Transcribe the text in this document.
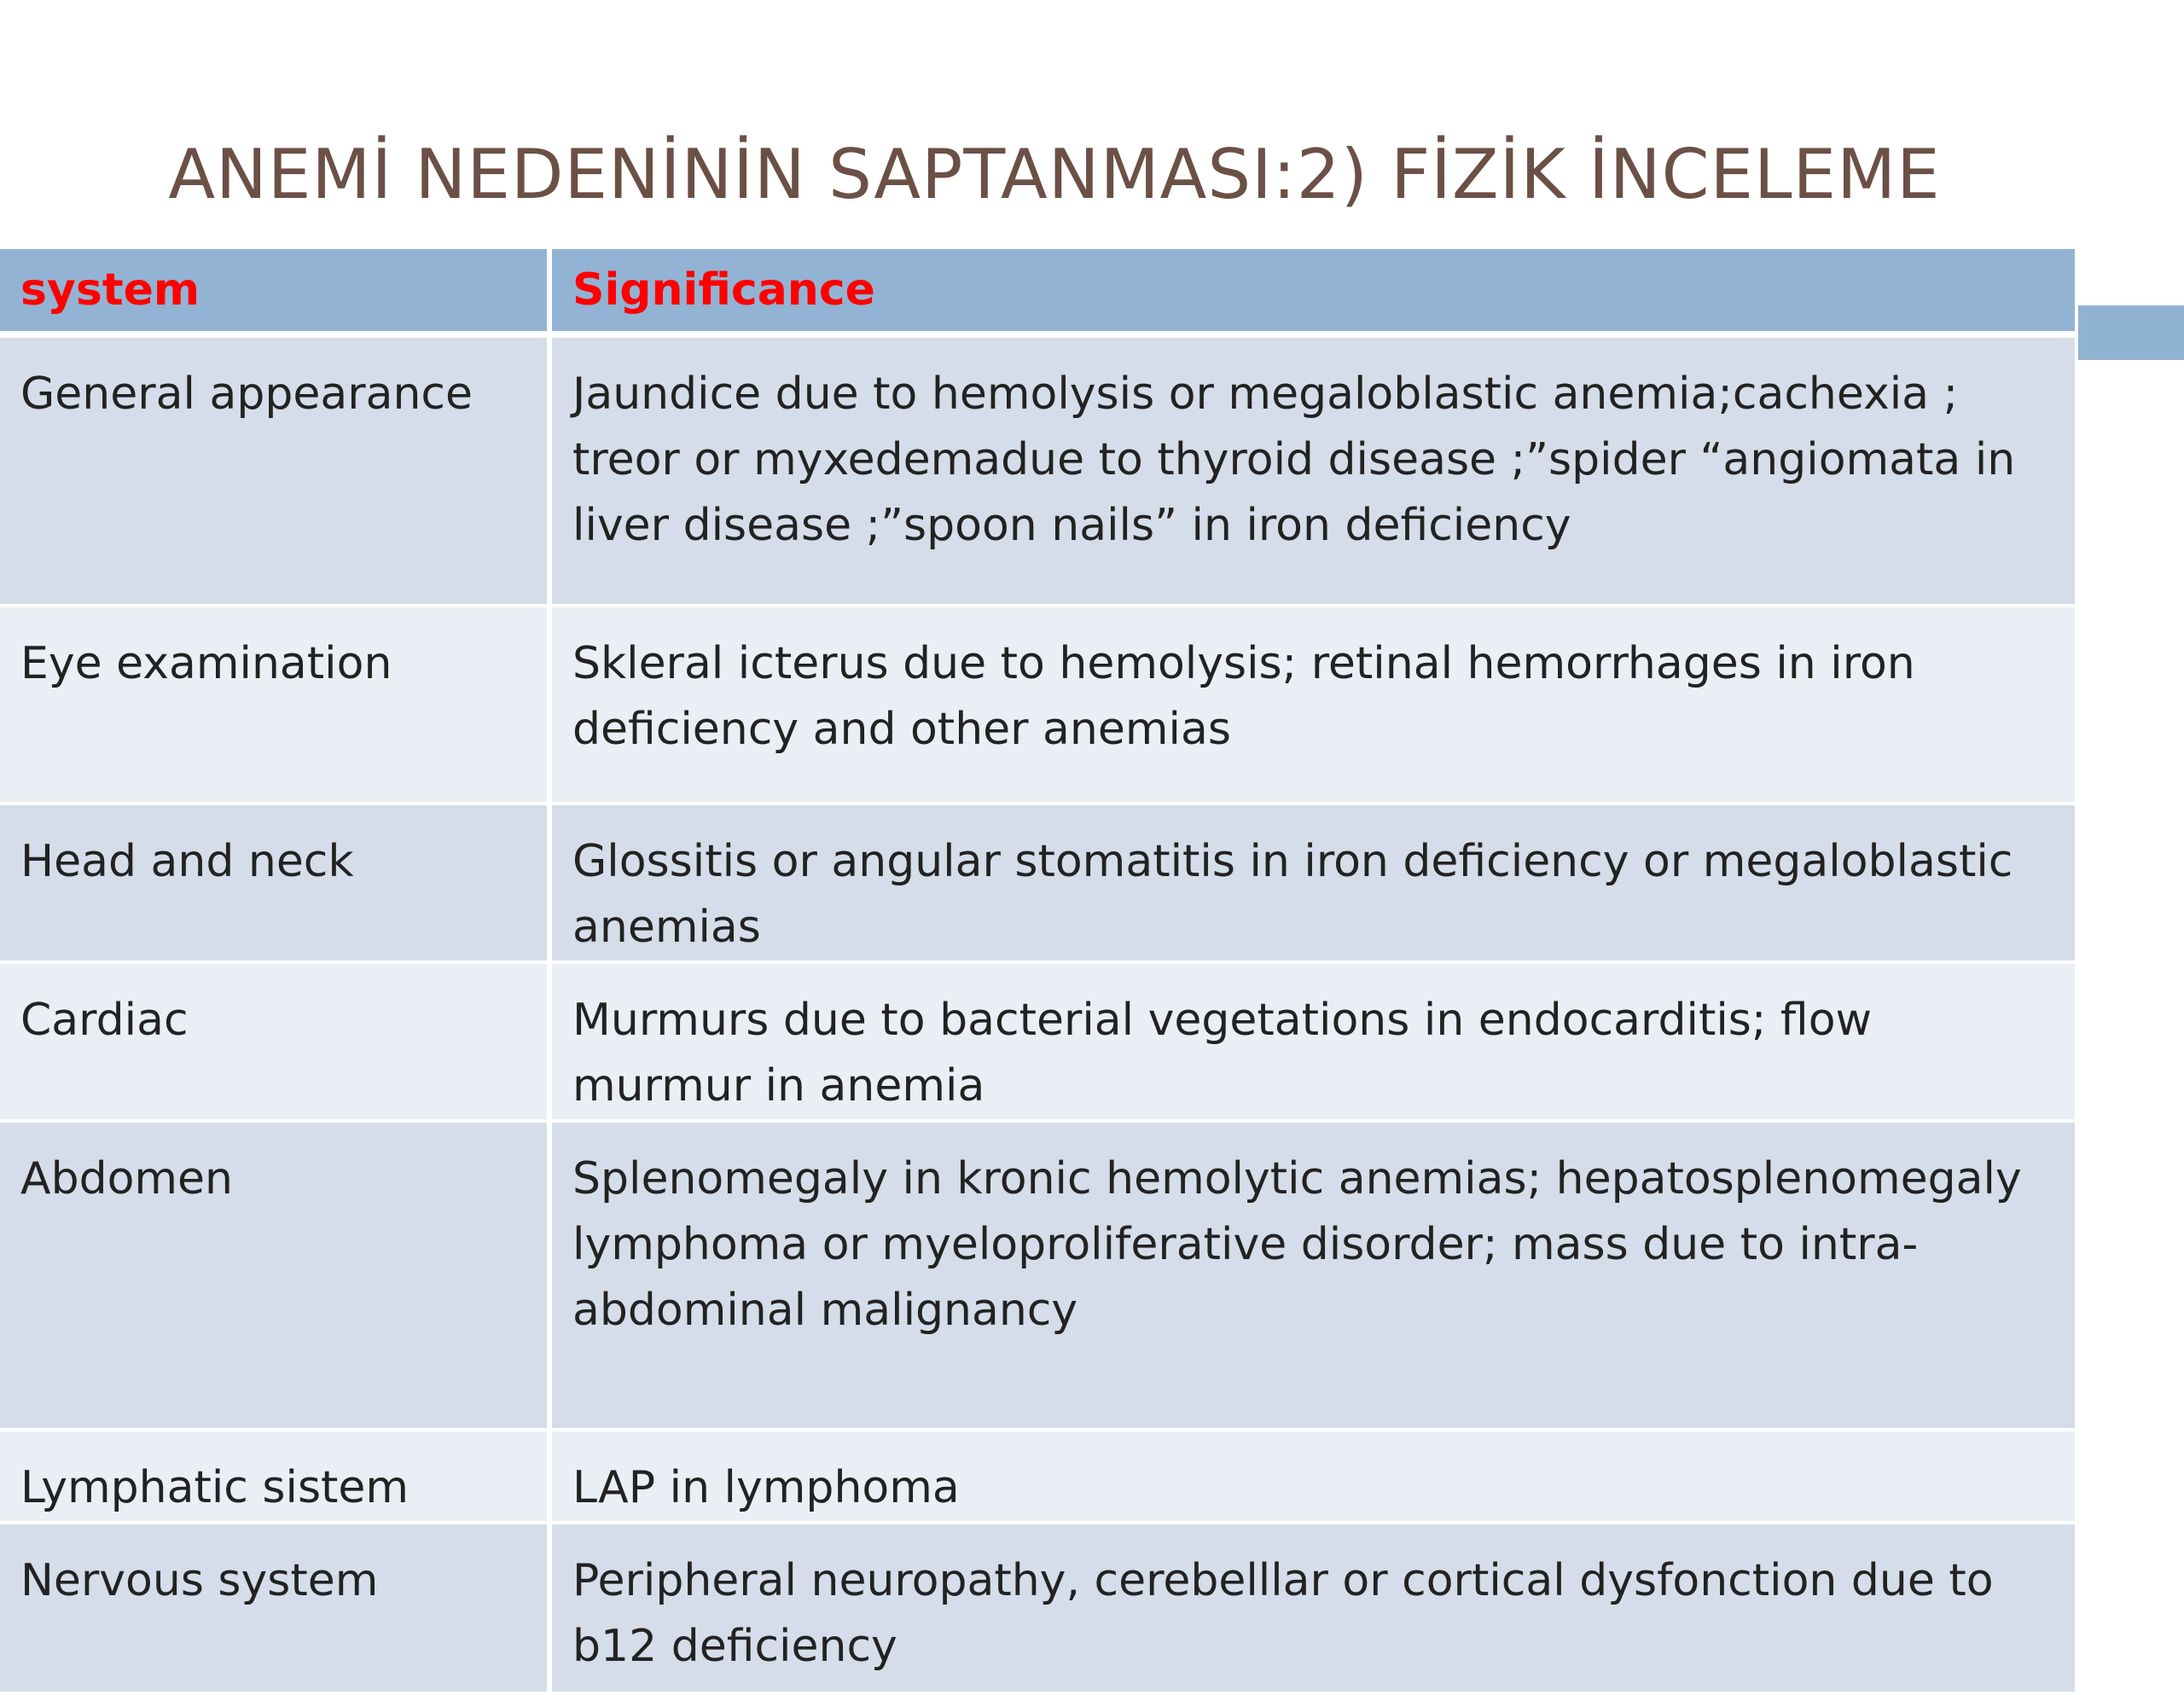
ANEMİ NEDENİNİN SAPTANMASI:2) FİZİK İNCELEME
system	Significance
General appearance	Jaundice due to hemolysis or megaloblastic anemia;cachexia ; treor or myxedemadue to thyroid disease ;”spider “angiomata in liver disease ;”spoon nails” in iron deficiency
Eye examination	Skleral icterus due to hemolysis; retinal hemorrhages in iron deficiency and other anemias
Head and neck	Glossitis or angular stomatitis in iron deficiency or megaloblastic anemias
Cardiac	Murmurs due to bacterial vegetations in endocarditis; flow murmur in anemia
Abdomen	Splenomegaly in kronic hemolytic anemias; hepatosplenomegaly lymphoma or myeloproliferative disorder; mass due to intra-abdominal malignancy
Lymphatic sistem	LAP in lymphoma
Nervous system	Peripheral neuropathy, cerebelllar or cortical dysfonction due to b12 deficiency
